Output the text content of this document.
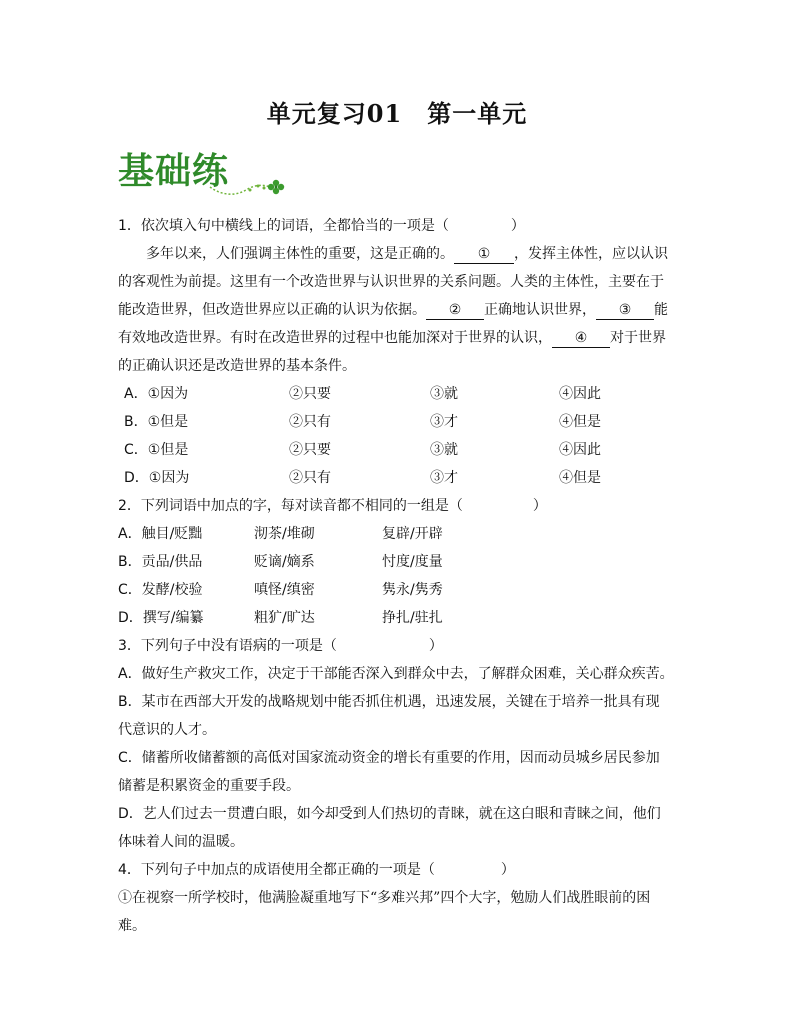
单元复习01　第一单元
基础练
1．依次填入句中横线上的词语，全都恰当的一项是（	）
多年以来，人们强调主体性的重要，这是正确的。 ① ，发挥主体性，应以认识
的客观性为前提。这里有一个改造世界与认识世界的关系问题。人类的主体性，主要在于
能改造世界，但改造世界应以正确的认识为依据。 ② 正确地认识世界， ③ 能
有效地改造世界。有时在改造世界的过程中也能加深对于世界的认识， ④ 对于世界
的正确认识还是改造世界的基本条件。
A．①因为	②只要	③就	④因此
B．①但是	②只有	③才	④但是
C．①但是	②只要	③就	④因此
D．①因为	②只有	③才	④但是
2．下列词语中加点的字，每对读音都不相同的一组是（	）
A．触目/贬黜	沏茶/堆砌	复辟/开辟
B．贡品/供品	贬谪/嫡系	忖度/度量
C．发酵/校验	嗔怪/缜密	隽永/隽秀
D．撰写/编纂	粗犷/旷达	挣扎/驻扎
3．下列句子中没有语病的一项是（	）
A．做好生产救灾工作，决定于干部能否深入到群众中去，了解群众困难，关心群众疾苦。
B．某市在西部大开发的战略规划中能否抓住机遇，迅速发展，关键在于培养一批具有现
代意识的人才。
C．储蓄所收储蓄额的高低对国家流动资金的增长有重要的作用，因而动员城乡居民参加
储蓄是积累资金的重要手段。
D．艺人们过去一贯遭白眼，如今却受到人们热切的青睐，就在这白眼和青睐之间，他们
体味着人间的温暖。
4．下列句子中加点的成语使用全都正确的一项是（	）
①在视察一所学校时，他满脸凝重地写下“多难兴邦”四个大字，勉励人们战胜眼前的困
难。
